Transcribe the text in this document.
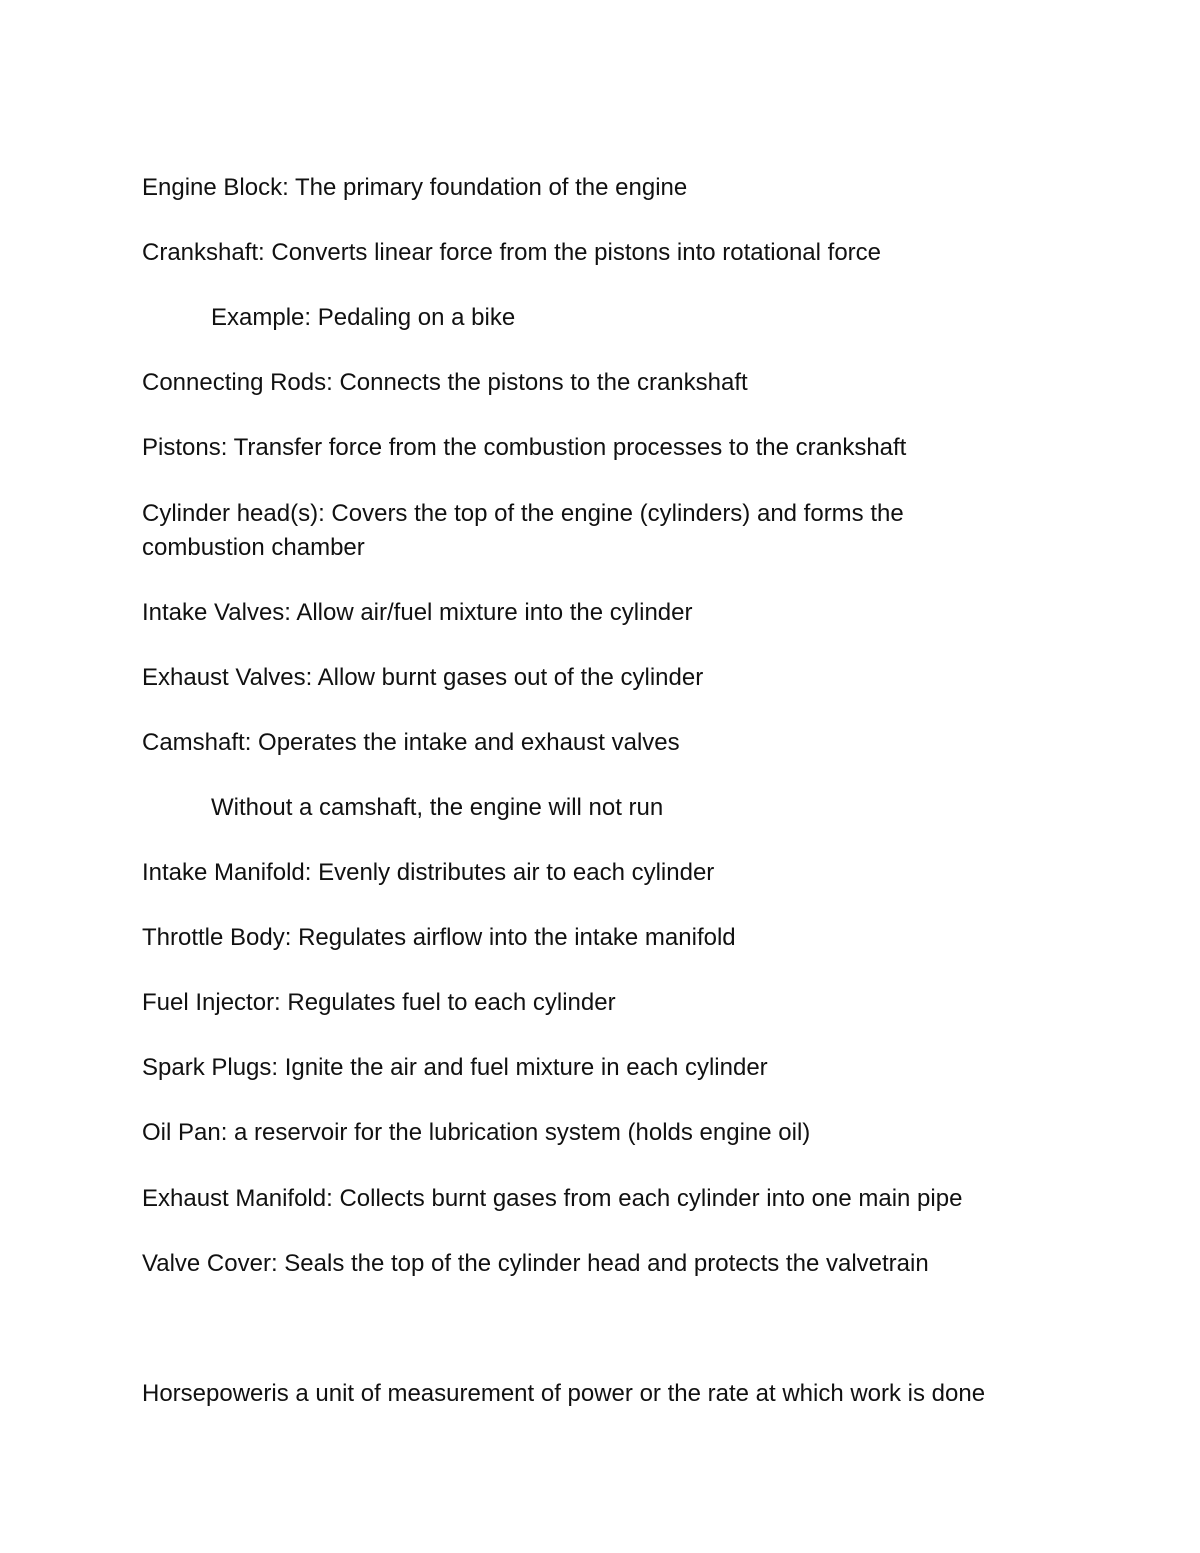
Engine Block: The primary foundation of the engine

Crankshaft: Converts linear force from the pistons into rotational force

Example: Pedaling on a bike

Connecting Rods: Connects the pistons to the crankshaft

Pistons: Transfer force from the combustion processes to the crankshaft

Cylinder head(s): Covers the top of the engine (cylinders) and forms the combustion chamber

Intake Valves: Allow air/fuel mixture into the cylinder

Exhaust Valves: Allow burnt gases out of the cylinder

Camshaft: Operates the intake and exhaust valves

Without a camshaft, the engine will not run

Intake Manifold: Evenly distributes air to each cylinder

Throttle Body: Regulates airflow into the intake manifold

Fuel Injector: Regulates fuel to each cylinder

Spark Plugs: Ignite the air and fuel mixture in each cylinder

Oil Pan: a reservoir for the lubrication system (holds engine oil)

Exhaust Manifold: Collects burnt gases from each cylinder into one main pipe

Valve Cover: Seals the top of the cylinder head and protects the valvetrain

Horsepoweris a unit of measurement of power or the rate at which work is done
